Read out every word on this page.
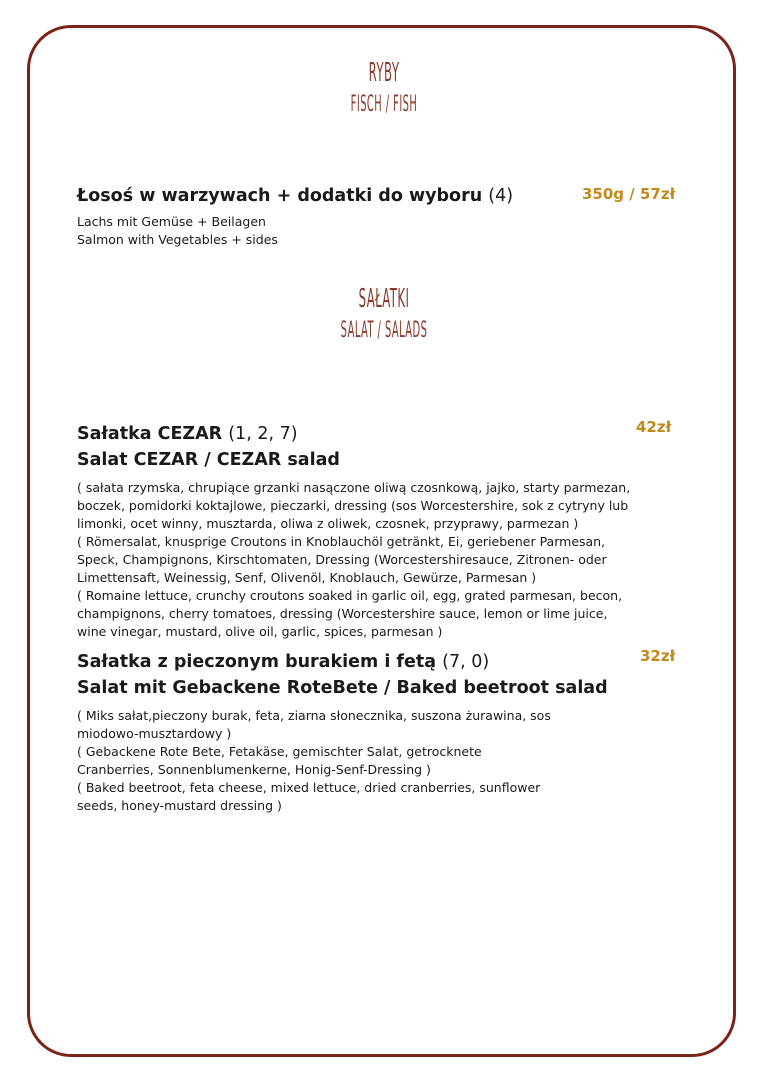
RYBY
FISCH / FISH
Łosoś w warzywach + dodatki do wyboru (4)
Lachs mit Gemüse + Beilagen
Salmon with Vegetables + sides
350g / 57zł
SAŁATKI
SALAT / SALADS
Sałatka CEZAR (1, 2, 7)
Salat CEZAR / CEZAR salad
( sałata rzymska, chrupiące grzanki nasączone oliwą czosnkową, jajko, starty parmezan, boczek, pomidorki koktajlowe, pieczarki, dressing (sos Worcestershire, sok z cytryny lub limonki, ocet winny, musztarda, oliwa z oliwek, czosnek, przyprawy, parmezan )
( Römersalat, knusprige Croutons in Knoblauchöl getränkt, Ei, geriebener Parmesan, Speck, Champignons, Kirschtomaten, Dressing (Worcestershiresauce, Zitronen- oder Limettensaft, Weinessig, Senf, Olivenöl, Knoblauch, Gewürze, Parmesan )
( Romaine lettuce, crunchy croutons soaked in garlic oil, egg, grated parmesan, becon, champignons, cherry tomatoes, dressing (Worcestershire sauce, lemon or lime juice, wine vinegar, mustard, olive oil, garlic, spices, parmesan )
42zł
Sałatka z pieczonym burakiem i fetą (7, 0)
Salat mit Gebackene RoteBete / Baked beetroot salad
( Miks sałat,pieczony burak, feta, ziarna słonecznika, suszona żurawina, sos miodowo-musztardowy )
( Gebackene Rote Bete, Fetakäse, gemischter Salat, getrocknete Cranberries, Sonnenblumenkerne, Honig-Senf-Dressing )
( Baked beetroot, feta cheese, mixed lettuce, dried cranberries, sunflower seeds, honey-mustard dressing )
32zł
